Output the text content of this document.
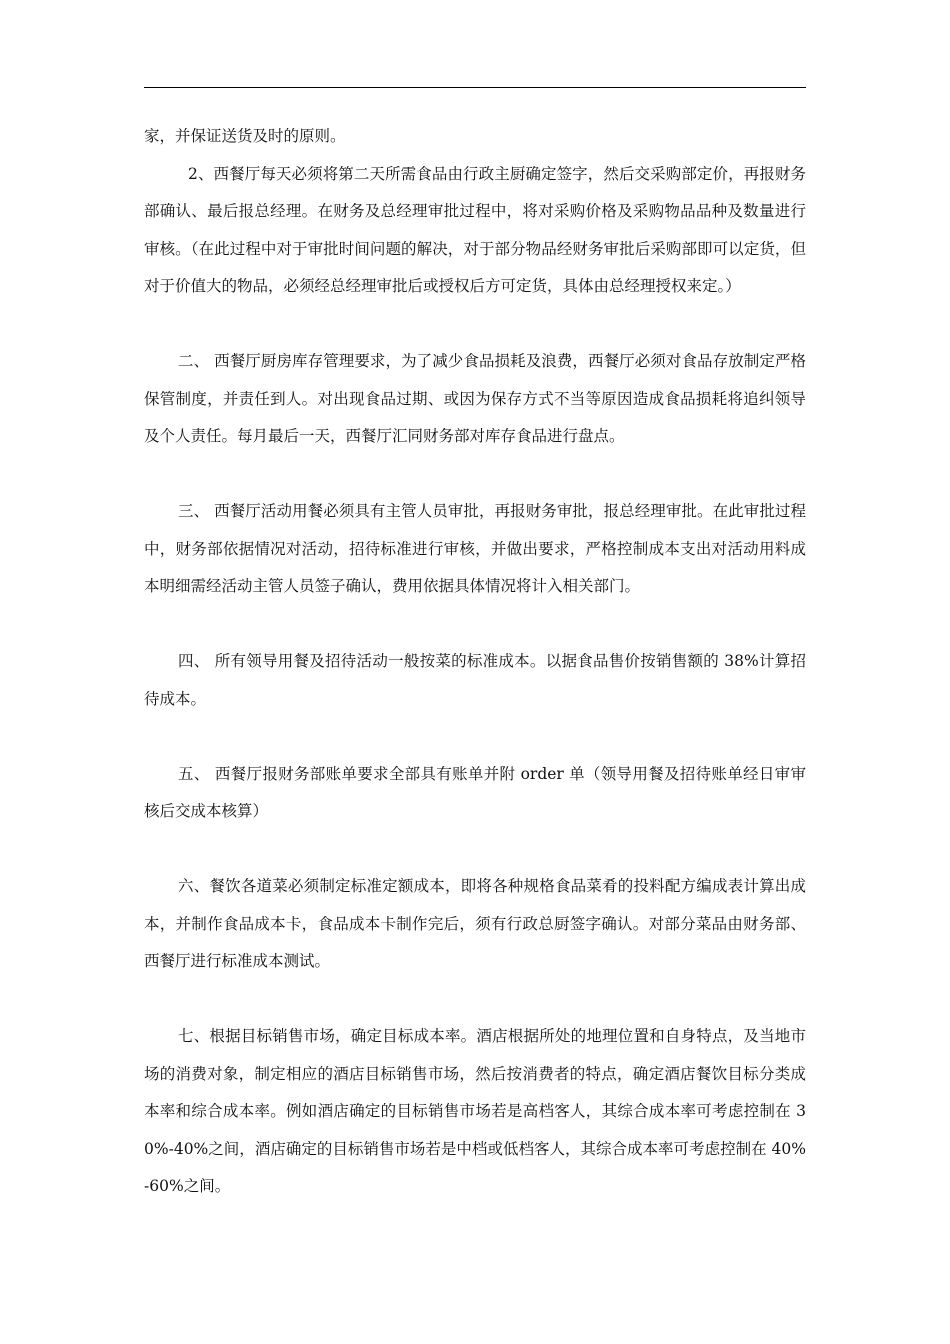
家，并保证送货及时的原则。

2、西餐厅每天必须将第二天所需食品由行政主厨确定签字，然后交采购部定价，再报财务部确认、最后报总经理。在财务及总经理审批过程中，将对采购价格及采购物品品种及数量进行审核。（在此过程中对于审批时间问题的解决，对于部分物品经财务审批后采购部即可以定货，但对于价值大的物品，必须经总经理审批后或授权后方可定货，具体由总经理授权来定。）

二、 西餐厅厨房库存管理要求，为了减少食品损耗及浪费，西餐厅必须对食品存放制定严格保管制度，并责任到人。对出现食品过期、或因为保存方式不当等原因造成食品损耗将追纠领导及个人责任。每月最后一天，西餐厅汇同财务部对库存食品进行盘点。

三、 西餐厅活动用餐必须具有主管人员审批，再报财务审批，报总经理审批。在此审批过程中，财务部依据情况对活动，招待标准进行审核，并做出要求，严格控制成本支出对活动用料成本明细需经活动主管人员签子确认，费用依据具体情况将计入相关部门。

四、 所有领导用餐及招待活动一般按菜的标准成本。以据食品售价按销售额的 38%计算招待成本。

五、 西餐厅报财务部账单要求全部具有账单并附 order 单（领导用餐及招待账单经日审审核后交成本核算）

六、餐饮各道菜必须制定标准定额成本，即将各种规格食品菜肴的投料配方编成表计算出成本，并制作食品成本卡，食品成本卡制作完后，须有行政总厨签字确认。对部分菜品由财务部、西餐厅进行标准成本测试。

七、根据目标销售市场，确定目标成本率。酒店根据所处的地理位置和自身特点，及当地市场的消费对象，制定相应的酒店目标销售市场，然后按消费者的特点，确定酒店餐饮目标分类成本率和综合成本率。例如酒店确定的目标销售市场若是高档客人，其综合成本率可考虑控制在 30%-40%之间，酒店确定的目标销售市场若是中档或低档客人，其综合成本率可考虑控制在 40%-60%之间。
